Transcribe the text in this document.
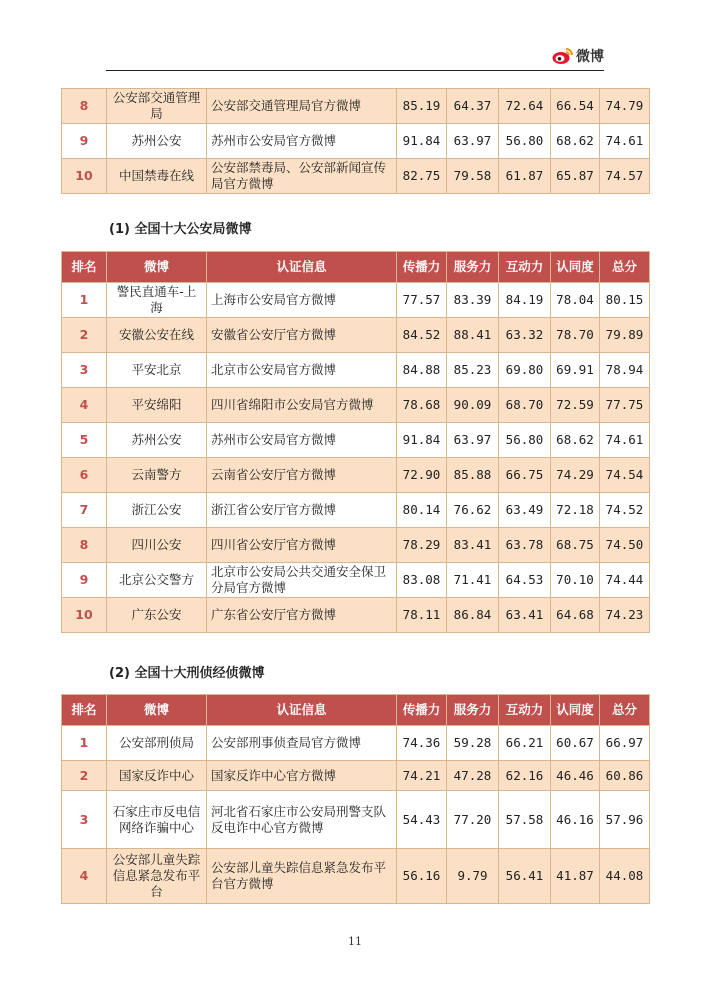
微博
8	公安部交通管理局	公安部交通管理局官方微博	85.19	64.37	72.64	66.54	74.79
9	苏州公安	苏州市公安局官方微博	91.84	63.97	56.80	68.62	74.61
10	中国禁毒在线	公安部禁毒局、公安部新闻宣传局官方微博	82.75	79.58	61.87	65.87	74.57
(1) 全国十大公安局微博
排名	微博	认证信息	传播力	服务力	互动力	认同度	总分
1	警民直通车-上海	上海市公安局官方微博	77.57	83.39	84.19	78.04	80.15
2	安徽公安在线	安徽省公安厅官方微博	84.52	88.41	63.32	78.70	79.89
3	平安北京	北京市公安局官方微博	84.88	85.23	69.80	69.91	78.94
4	平安绵阳	四川省绵阳市公安局官方微博	78.68	90.09	68.70	72.59	77.75
5	苏州公安	苏州市公安局官方微博	91.84	63.97	56.80	68.62	74.61
6	云南警方	云南省公安厅官方微博	72.90	85.88	66.75	74.29	74.54
7	浙江公安	浙江省公安厅官方微博	80.14	76.62	63.49	72.18	74.52
8	四川公安	四川省公安厅官方微博	78.29	83.41	63.78	68.75	74.50
9	北京公交警方	北京市公安局公共交通安全保卫分局官方微博	83.08	71.41	64.53	70.10	74.44
10	广东公安	广东省公安厅官方微博	78.11	86.84	63.41	64.68	74.23
(2) 全国十大刑侦经侦微博
排名	微博	认证信息	传播力	服务力	互动力	认同度	总分
1	公安部刑侦局	公安部刑事侦查局官方微博	74.36	59.28	66.21	60.67	66.97
2	国家反诈中心	国家反诈中心官方微博	74.21	47.28	62.16	46.46	60.86
3	石家庄市反电信网络诈骗中心	河北省石家庄市公安局刑警支队反电诈中心官方微博	54.43	77.20	57.58	46.16	57.96
4	公安部儿童失踪信息紧急发布平台	公安部儿童失踪信息紧急发布平台官方微博	56.16	9.79	56.41	41.87	44.08
11
